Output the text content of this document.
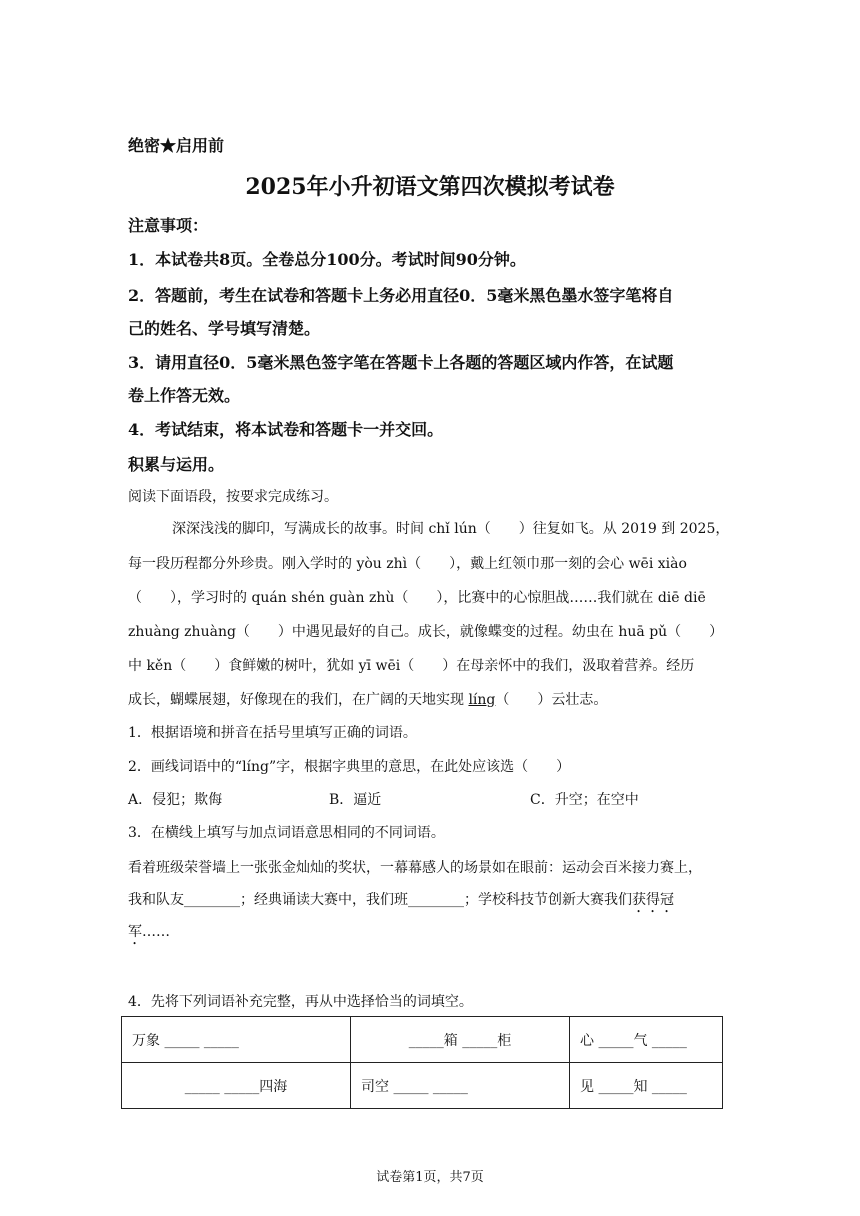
绝密★启用前
2025年小升初语文第四次模拟考试卷
注意事项：
1．本试卷共8页。全卷总分100分。考试时间90分钟。
2．答题前，考生在试卷和答题卡上务必用直径0．5毫米黑色墨水签字笔将自
己的姓名、学号填写清楚。
3．请用直径0．5毫米黑色签字笔在答题卡上各题的答题区域内作答，在试题
卷上作答无效。
4．考试结束，将本试卷和答题卡一并交回。
积累与运用。
阅读下面语段，按要求完成练习。
深深浅浅的脚印，写满成长的故事。时间 chǐ lún（　　）往复如飞。从 2019 到 2025，
每一段历程都分外珍贵。刚入学时的 yòu zhì（　　），戴上红领巾那一刻的会心 wēi xiào
（　　），学习时的 quán shén guàn zhù（　　），比赛中的心惊胆战……我们就在 diē diē
zhuàng zhuàng（　　）中遇见最好的自己。成长，就像蝶变的过程。幼虫在 huā pǔ（　　）
中 kěn（　　）食鲜嫩的树叶，犹如 yī wēi（　　）在母亲怀中的我们，汲取着营养。经历
成长，蝴蝶展翅，好像现在的我们，在广阔的天地实现 líng（　　）云壮志。
1．根据语境和拼音在括号里填写正确的词语。
2．画线词语中的“líng”字，根据字典里的意思，在此处应该选（　　）
A．侵犯；欺侮	B．逼近	C．升空；在空中
3．在横线上填写与加点词语意思相同的不同词语。
看着班级荣誉墙上一张张金灿灿的奖状，一幕幕感人的场景如在眼前：运动会百米接力赛上，
我和队友________；经典诵读大赛中，我们班________；学校科技节创新大赛我们获得冠
军……
4．先将下列词语补充完整，再从中选择恰当的词填空。
万象 _____ _____	_____箱 _____柜	心 _____气 _____
_____ _____四海	司空 _____ _____	见 _____知 _____
试卷第1页，共7页
